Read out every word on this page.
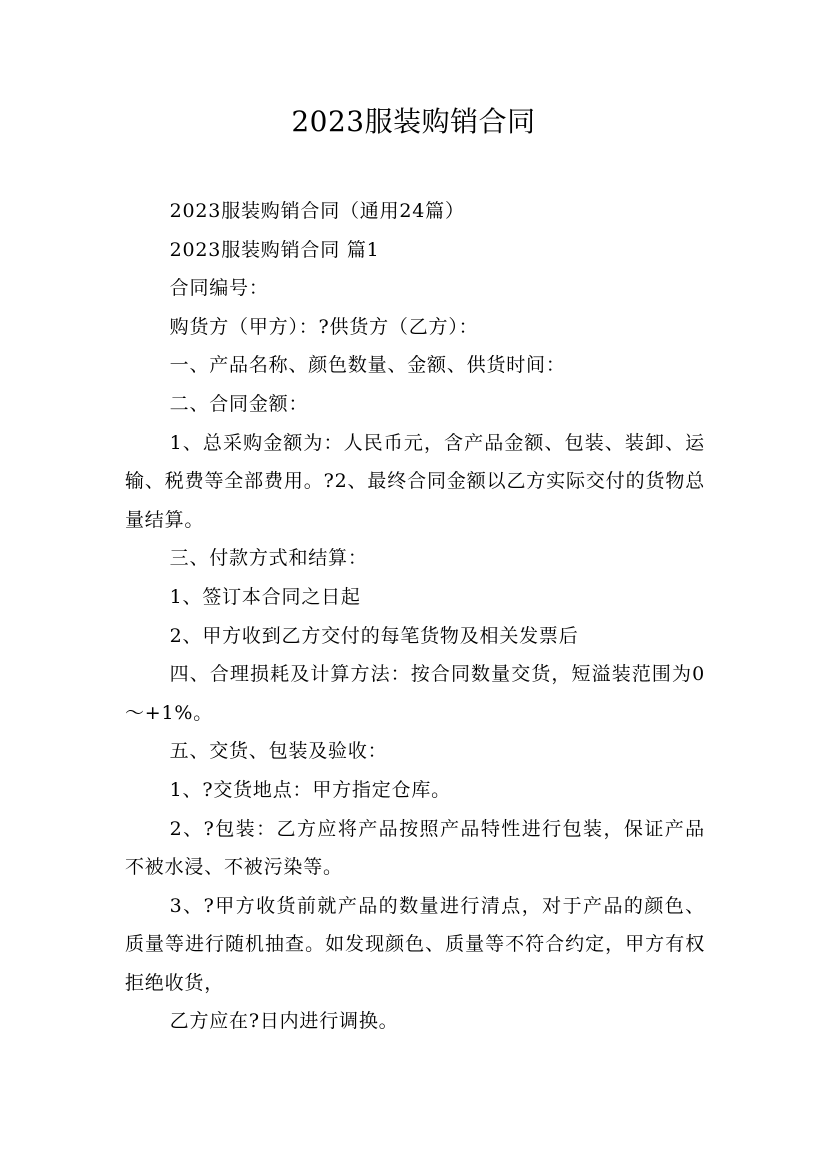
2023服装购销合同

2023服装购销合同（通用24篇）

2023服装购销合同 篇1

合同编号：

购货方（甲方）：?供货方（乙方）：

一、产品名称、颜色数量、金额、供货时间：

二、合同金额：

1、总采购金额为：人民币元，含产品金额、包装、装卸、运输、税费等全部费用。?2、最终合同金额以乙方实际交付的货物总量结算。

三、付款方式和结算：

1、签订本合同之日起

2、甲方收到乙方交付的每笔货物及相关发票后

四、合理损耗及计算方法：按合同数量交货，短溢装范围为0～+1%。

五、交货、包装及验收：

1、?交货地点：甲方指定仓库。

2、?包装：乙方应将产品按照产品特性进行包装，保证产品不被水浸、不被污染等。

3、?甲方收货前就产品的数量进行清点，对于产品的颜色、质量等进行随机抽查。如发现颜色、质量等不符合约定，甲方有权拒绝收货，

乙方应在?日内进行调换。
